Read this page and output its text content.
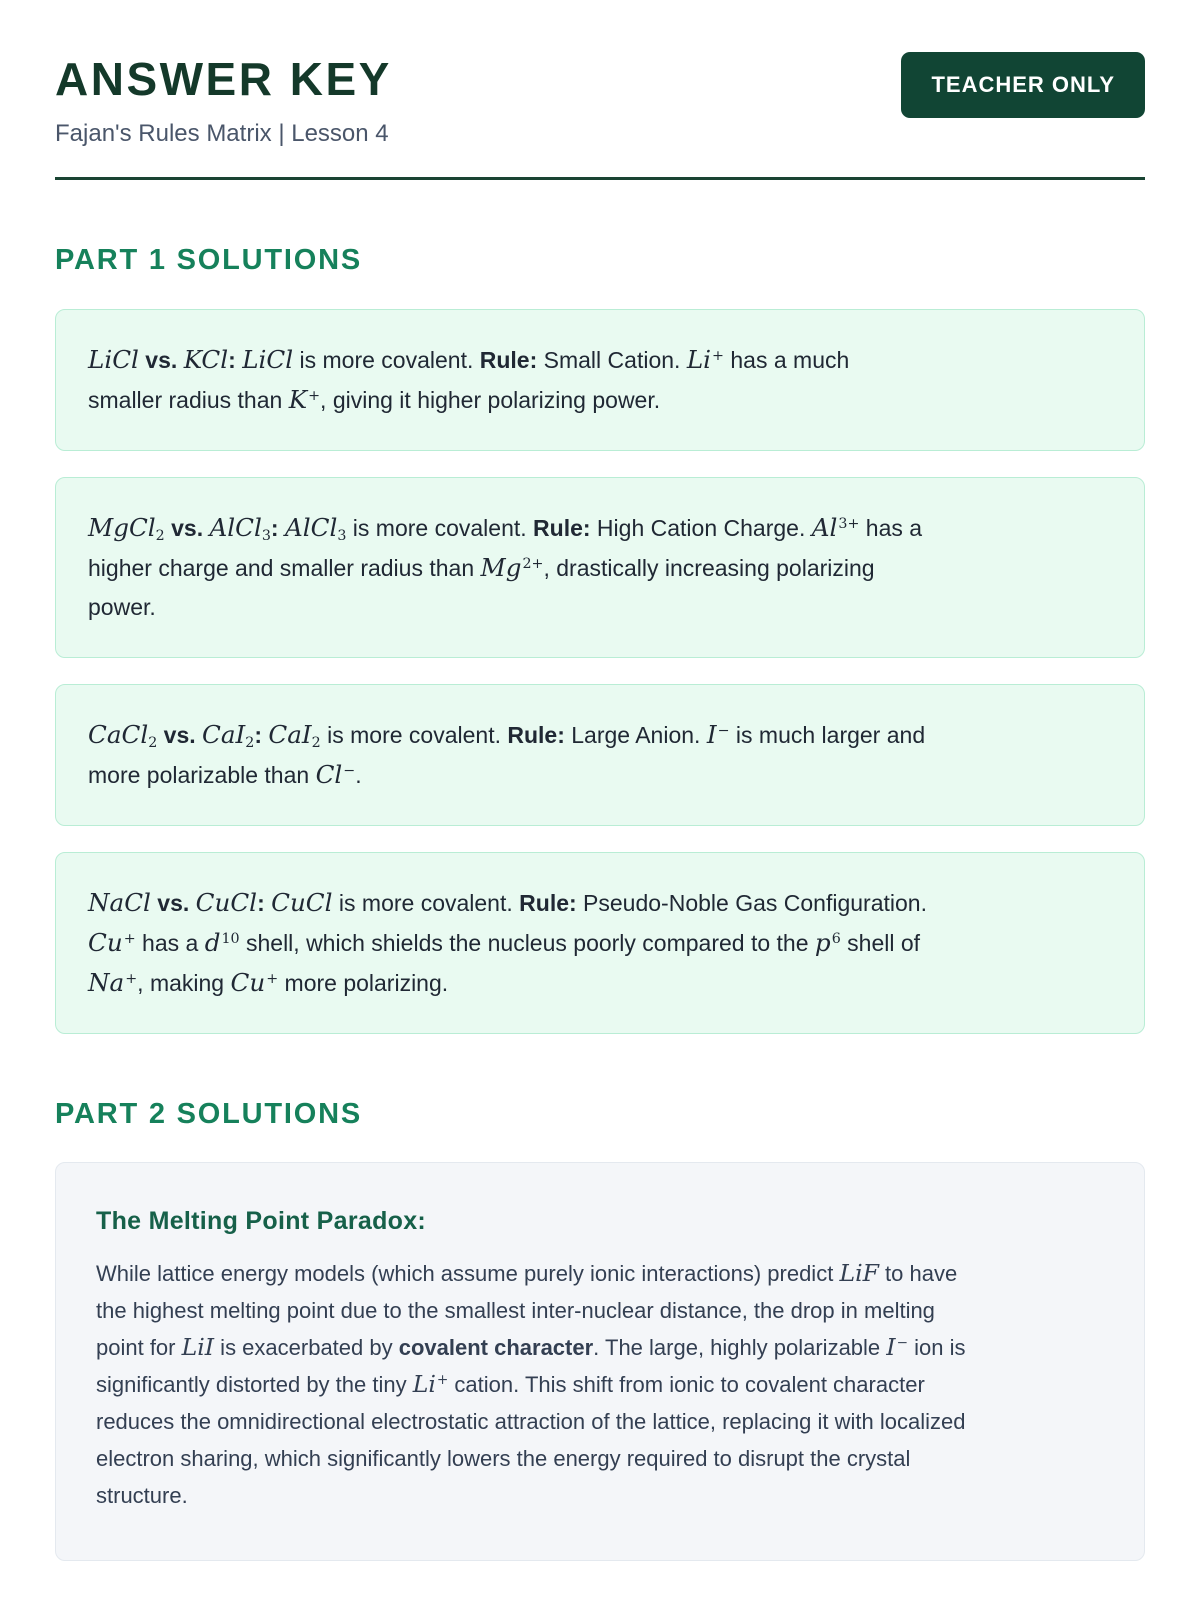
ANSWER KEY
Fajan's Rules Matrix | Lesson 4
TEACHER ONLY
PART 1 SOLUTIONS
LiCl vs. KCl: LiCl is more covalent. Rule: Small Cation. Li+ has a much
smaller radius than K+, giving it higher polarizing power.
MgCl2 vs. AlCl3: AlCl3 is more covalent. Rule: High Cation Charge. Al3+ has a
higher charge and smaller radius than Mg2+, drastically increasing polarizing
power.
CaCl2 vs. CaI2: CaI2 is more covalent. Rule: Large Anion. I− is much larger and
more polarizable than Cl−.
NaCl vs. CuCl: CuCl is more covalent. Rule: Pseudo-Noble Gas Configuration.
Cu+ has a d10 shell, which shields the nucleus poorly compared to the p6 shell of
Na+, making Cu+ more polarizing.
PART 2 SOLUTIONS
The Melting Point Paradox:

While lattice energy models (which assume purely ionic interactions) predict LiF to have
the highest melting point due to the smallest inter-nuclear distance, the drop in melting
point for LiI is exacerbated by covalent character. The large, highly polarizable I− ion is
significantly distorted by the tiny Li+ cation. This shift from ionic to covalent character
reduces the omnidirectional electrostatic attraction of the lattice, replacing it with localized
electron sharing, which significantly lowers the energy required to disrupt the crystal
structure.
